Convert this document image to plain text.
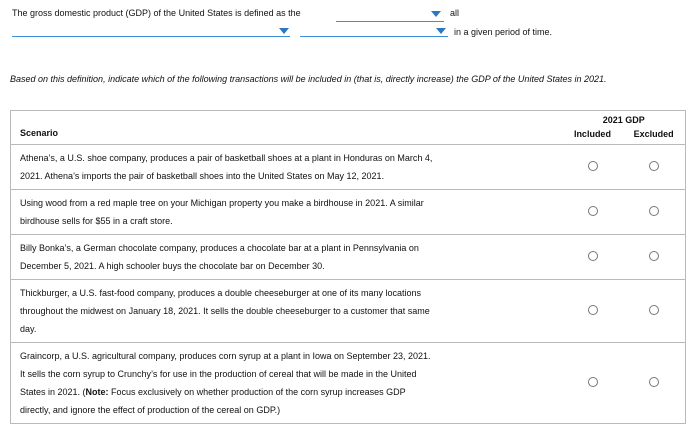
The gross domestic product (GDP) of the United States is defined as the	all
in a given period of time.
Based on this definition, indicate which of the following transactions will be included in (that is, directly increase) the GDP of the United States in 2021.
Scenario	2021 GDP
Included Excluded	

Athena’s, a U.S. shoe company, produces a pair of basketball shoes at a plant in Honduras on March 4, 2021. Athena’s imports the pair of basketball shoes into the United States on May 12, 2021.		
Using wood from a red maple tree on your Michigan property you make a birdhouse in 2021. A similar birdhouse sells for $55 in a craft store.		
Billy Bonka’s, a German chocolate company, produces a chocolate bar at a plant in Pennsylvania on December 5, 2021. A high schooler buys the chocolate bar on December 30.		
Thickburger, a U.S. fast-food company, produces a double cheeseburger at one of its many locations throughout the midwest on January 18, 2021. It sells the double cheeseburger to a customer that same day.		
Graincorp, a U.S. agricultural company, produces corn syrup at a plant in Iowa on September 23, 2021. It sells the corn syrup to Crunchy’s for use in the production of cereal that will be made in the United States in 2021. (Note: Focus exclusively on whether production of the corn syrup increases GDP directly, and ignore the effect of production of the cereal on GDP.)		
